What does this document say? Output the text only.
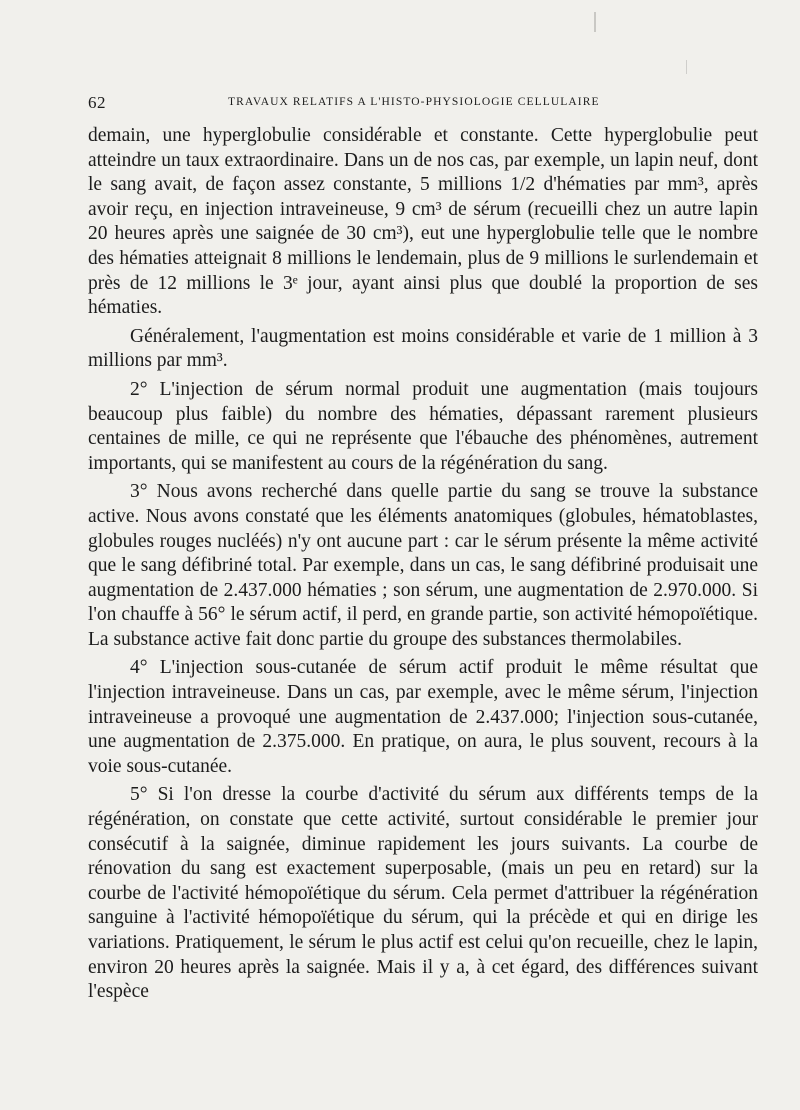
62	TRAVAUX RELATIFS A L'HISTO-PHYSIOLOGIE CELLULAIRE

demain, une hyperglobulie considérable et constante. Cette hyperglobulie peut atteindre un taux extraordinaire. Dans un de nos cas, par exemple, un lapin neuf, dont le sang avait, de façon assez constante, 5 millions 1/2 d'hématies par mm³, après avoir reçu, en injection intraveineuse, 9 cm³ de sérum (recueilli chez un autre lapin 20 heures après une saignée de 30 cm³), eut une hyperglobulie telle que le nombre des hématies atteignait 8 millions le lendemain, plus de 9 millions le surlendemain et près de 12 millions le 3ᵉ jour, ayant ainsi plus que doublé la proportion de ses hématies.

Généralement, l'augmentation est moins considérable et varie de 1 million à 3 millions par mm³.

2° L'injection de sérum normal produit une augmentation (mais toujours beaucoup plus faible) du nombre des hématies, dépassant rarement plusieurs centaines de mille, ce qui ne représente que l'ébauche des phénomènes, autrement importants, qui se manifestent au cours de la régénération du sang.

3° Nous avons recherché dans quelle partie du sang se trouve la substance active. Nous avons constaté que les éléments anatomiques (globules, hématoblastes, globules rouges nucléés) n'y ont aucune part : car le sérum présente la même activité que le sang défibriné total. Par exemple, dans un cas, le sang défibriné produisait une augmentation de 2.437.000 hématies ; son sérum, une augmentation de 2.970.000. Si l'on chauffe à 56° le sérum actif, il perd, en grande partie, son activité hémopoïétique. La substance active fait donc partie du groupe des substances thermolabiles.

4° L'injection sous-cutanée de sérum actif produit le même résultat que l'injection intraveineuse. Dans un cas, par exemple, avec le même sérum, l'injection intraveineuse a provoqué une augmentation de 2.437.000; l'injection sous-cutanée, une augmentation de 2.375.000. En pratique, on aura, le plus souvent, recours à la voie sous-cutanée.

5° Si l'on dresse la courbe d'activité du sérum aux différents temps de la régénération, on constate que cette activité, surtout considérable le premier jour consécutif à la saignée, diminue rapidement les jours suivants. La courbe de rénovation du sang est exactement superposable, (mais un peu en retard) sur la courbe de l'activité hémopoïétique du sérum. Cela permet d'attribuer la régénération sanguine à l'activité hémopoïétique du sérum, qui la précède et qui en dirige les variations. Pratiquement, le sérum le plus actif est celui qu'on recueille, chez le lapin, environ 20 heures après la saignée. Mais il y a, à cet égard, des différences suivant l'espèce
